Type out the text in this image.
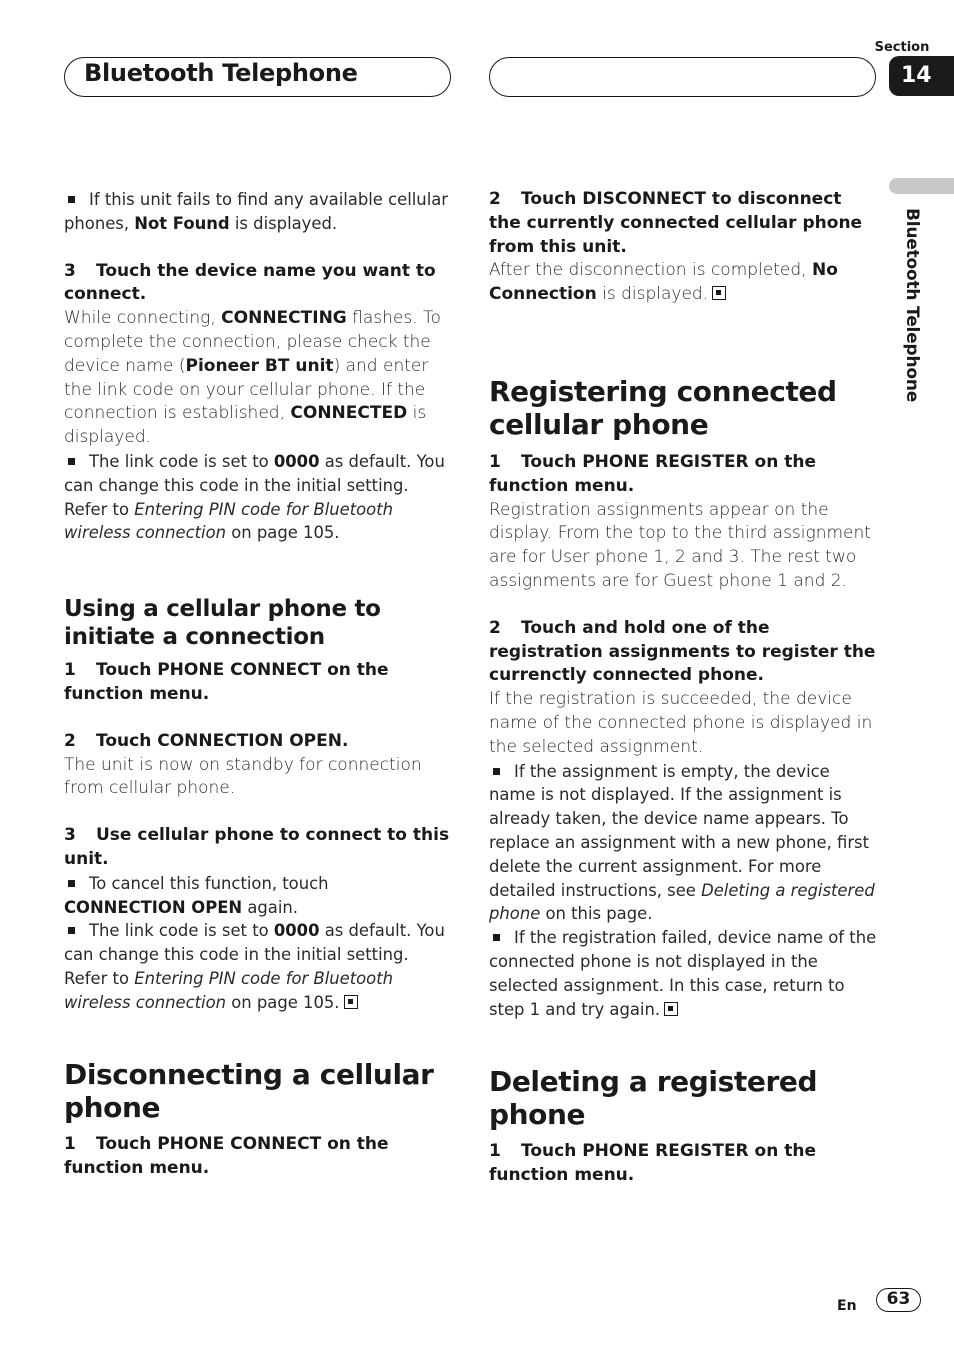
Bluetooth Telephone
Section
14
Bluetooth Telephone

If this unit fails to find any available cellular phones, Not Found is displayed.

3 Touch the device name you want to connect.

While connecting, CONNECTING flashes. To complete the connection, please check the device name (Pioneer BT unit) and enter the link code on your cellular phone. If the connection is established, CONNECTED is displayed.

The link code is set to 0000 as default. You can change this code in the initial setting. Refer to Entering PIN code for Bluetooth wireless connection on page 105.

Using a cellular phone to initiate a connection

1 Touch PHONE CONNECT on the function menu.

2 Touch CONNECTION OPEN.

The unit is now on standby for connection from cellular phone.

3 Use cellular phone to connect to this unit.

To cancel this function, touch CONNECTION OPEN again.

The link code is set to 0000 as default. You can change this code in the initial setting. Refer to Entering PIN code for Bluetooth wireless connection on page 105.

Disconnecting a cellular phone

1 Touch PHONE CONNECT on the function menu.

2 Touch DISCONNECT to disconnect the currently connected cellular phone from this unit.

After the disconnection is completed, No Connection is displayed.

Registering connected cellular phone

1 Touch PHONE REGISTER on the function menu.

Registration assignments appear on the display. From the top to the third assignment are for User phone 1, 2 and 3. The rest two assignments are for Guest phone 1 and 2.

2 Touch and hold one of the registration assignments to register the currenctly connected phone.

If the registration is succeeded, the device name of the connected phone is displayed in the selected assignment.

If the assignment is empty, the device name is not displayed. If the assignment is already taken, the device name appears. To replace an assignment with a new phone, first delete the current assignment. For more detailed instructions, see Deleting a registered phone on this page.

If the registration failed, device name of the connected phone is not displayed in the selected assignment. In this case, return to step 1 and try again.

Deleting a registered phone

1 Touch PHONE REGISTER on the function menu.

En	63
